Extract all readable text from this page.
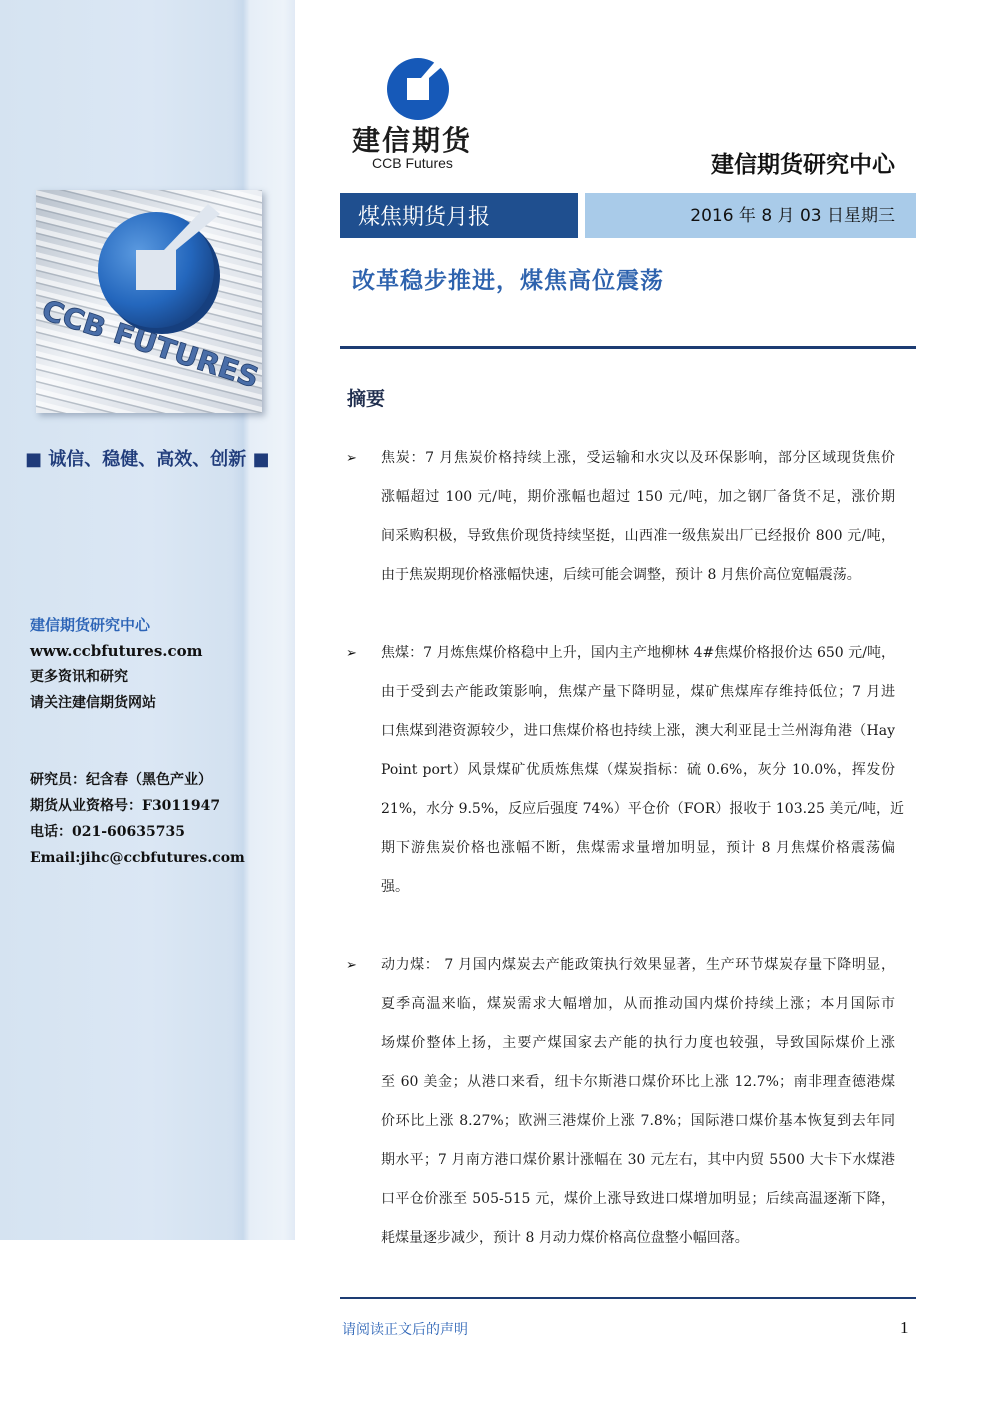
CCB FUTURES
■ 诚信、稳健、高效、创新 ■
建信期货研究中心
www.ccbfutures.com
更多资讯和研究
请关注建信期货网站
研究员：纪含春（黑色产业）
期货从业资格号：F3011947
电话：021-60635735
Email:jihc@ccbfutures.com
建信期货
CCB Futures	建信期货研究中心
煤焦期货月报	2016 年 8 月 03 日星期三
改革稳步推进，煤焦高位震荡
摘要
➢ 焦炭：7 月焦炭价格持续上涨，受运输和水灾以及环保影响，部分区域现货焦价
涨幅超过 100 元/吨，期价涨幅也超过 150 元/吨，加之钢厂备货不足，涨价期
间采购积极，导致焦价现货持续坚挺，山西准一级焦炭出厂已经报价 800 元/吨，
由于焦炭期现价格涨幅快速，后续可能会调整，预计 8 月焦价高位宽幅震荡。
➢ 焦煤：7 月炼焦煤价格稳中上升，国内主产地柳林 4#焦煤价格报价达 650 元/吨，
由于受到去产能政策影响，焦煤产量下降明显，煤矿焦煤库存维持低位；7 月进
口焦煤到港资源较少，进口焦煤价格也持续上涨，澳大利亚昆士兰州海角港（Hay
Point port）风景煤矿优质炼焦煤（煤炭指标：硫 0.6%，灰分 10.0%，挥发份
21%，水分 9.5%，反应后强度 74%）平仓价（FOR）报收于 103.25 美元/吨，近
期下游焦炭价格也涨幅不断，焦煤需求量增加明显，预计 8 月焦煤价格震荡偏
强。
➢ 动力煤： 7 月国内煤炭去产能政策执行效果显著，生产环节煤炭存量下降明显，
夏季高温来临，煤炭需求大幅增加，从而推动国内煤价持续上涨；本月国际市
场煤价整体上扬，主要产煤国家去产能的执行力度也较强，导致国际煤价上涨
至 60 美金；从港口来看，纽卡尔斯港口煤价环比上涨 12.7%；南非理查德港煤
价环比上涨 8.27%；欧洲三港煤价上涨 7.8%；国际港口煤价基本恢复到去年同
期水平；7 月南方港口煤价累计涨幅在 30 元左右，其中内贸 5500 大卡下水煤港
口平仓价涨至 505-515 元，煤价上涨导致进口煤增加明显；后续高温逐渐下降，
耗煤量逐步减少，预计 8 月动力煤价格高位盘整小幅回落。
请阅读正文后的声明	1
